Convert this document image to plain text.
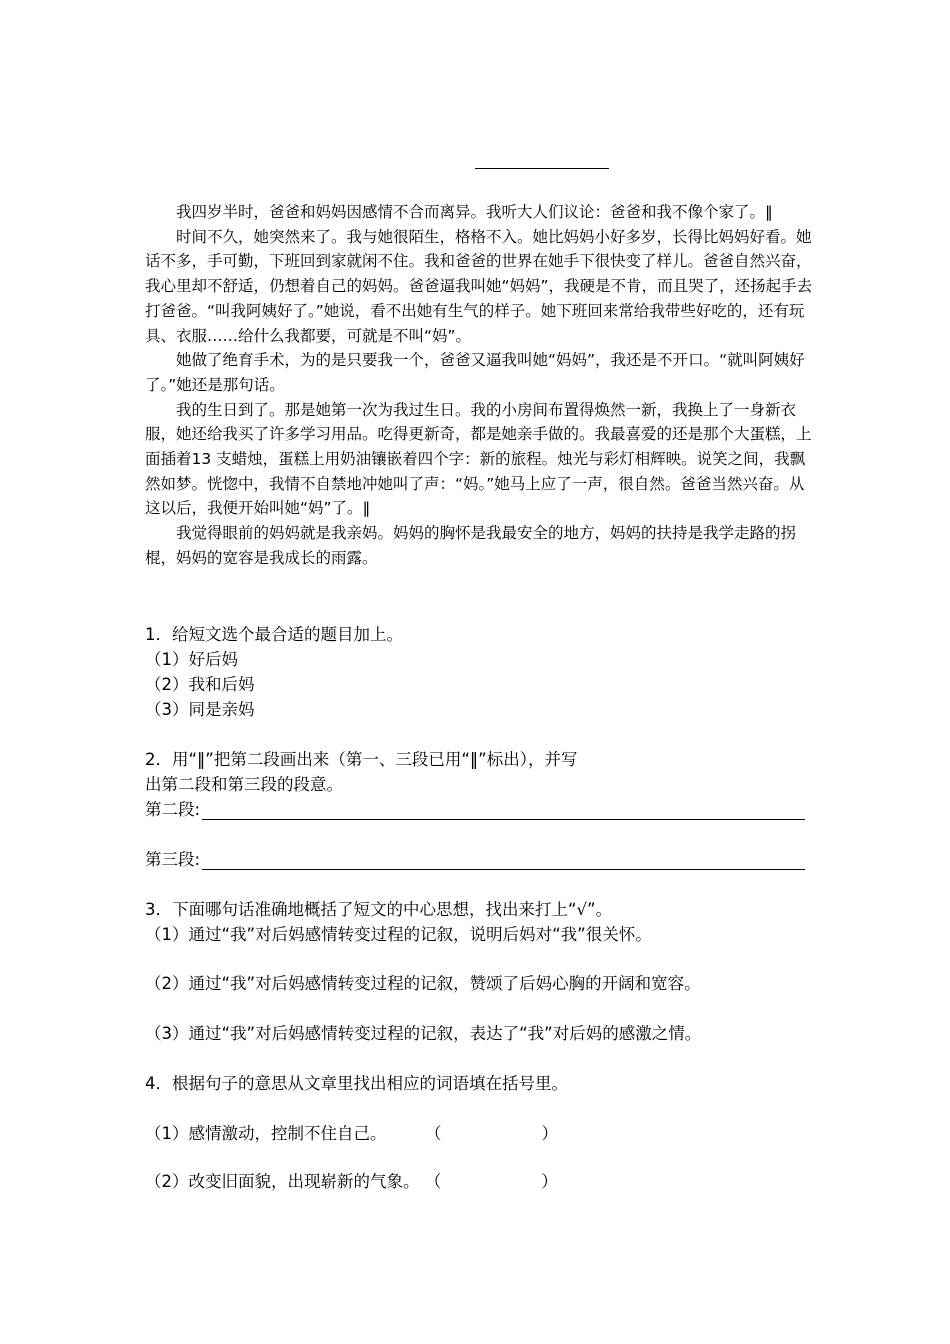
我四岁半时，爸爸和妈妈因感情不合而离异。我听大人们议论：爸爸和我不像个家了。‖

时间不久，她突然来了。我与她很陌生，格格不入。她比妈妈小好多岁，长得比妈妈好看。她话不多，手可勤，下班回到家就闲不住。我和爸爸的世界在她手下很快变了样儿。爸爸自然兴奋，我心里却不舒适，仍想着自己的妈妈。爸爸逼我叫她“妈妈”，我硬是不肯，而且哭了，还扬起手去打爸爸。“叫我阿姨好了。”她说，看不出她有生气的样子。她下班回来常给我带些好吃的，还有玩具、衣服……给什么我都要，可就是不叫“妈”。

她做了绝育手术，为的是只要我一个，爸爸又逼我叫她“妈妈”，我还是不开口。“就叫阿姨好了。”她还是那句话。

我的生日到了。那是她第一次为我过生日。我的小房间布置得焕然一新，我换上了一身新衣服，她还给我买了许多学习用品。吃得更新奇，都是她亲手做的。我最喜爱的还是那个大蛋糕，上面插着13 支蜡烛，蛋糕上用奶油镶嵌着四个字：新的旅程。烛光与彩灯相辉映。说笑之间，我飘然如梦。恍惚中，我情不自禁地冲她叫了声：“妈。”她马上应了一声，很自然。爸爸当然兴奋。从这以后，我便开始叫她“妈”了。‖

我觉得眼前的妈妈就是我亲妈。妈妈的胸怀是我最安全的地方，妈妈的扶持是我学走路的拐棍，妈妈的宽容是我成长的雨露。

1．给短文选个最合适的题目加上。
（1）好后妈
（2）我和后妈
（3）同是亲妈
2．用“‖”把第二段画出来（第一、三段已用“‖”标出），并写
出第二段和第三段的段意。
第二段:
第三段:
3．下面哪句话准确地概括了短文的中心思想，找出来打上“√”。
（1）通过“我”对后妈感情转变过程的记叙，说明后妈对“我”很关怀。
（2）通过“我”对后妈感情转变过程的记叙，赞颂了后妈心胸的开阔和宽容。
（3）通过“我”对后妈感情转变过程的记叙，表达了“我”对后妈的感激之情。
4．根据句子的意思从文章里找出相应的词语填在括号里。
（1）感情激动，控制不住自己。 （	）
（2）改变旧面貌，出现崭新的气象。 （	）
